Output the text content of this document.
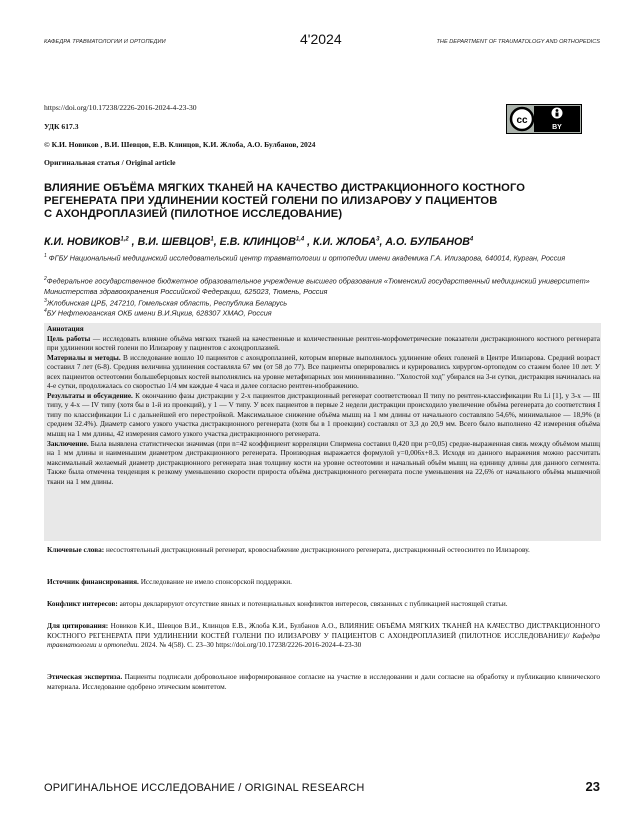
КАФЕДРА ТРАВМАТОЛОГИИ И ОРТОПЕДИИ	4'2024	THE DEPARTMENT OF TRAUMATOLOGY AND ORTHOPEDICS
https://doi.org/10.17238/2226-2016-2024-4-23-30
УДК 617.3
© К.И. Новиков , В.И. Шевцов, Е.В. Клинцов, К.И. Жлоба, А.О. Булбанов, 2024
Оригинальная статья / Original article
cc
BY
ВЛИЯНИЕ ОБЪЁМА МЯГКИХ ТКАНЕЙ НА КАЧЕСТВО ДИСТРАКЦИОННОГО КОСТНОГО
РЕГЕНЕРАТА ПРИ УДЛИНЕНИИ КОСТЕЙ ГОЛЕНИ ПО ИЛИЗАРОВУ У ПАЦИЕНТОВ
С АХОНДРОПЛАЗИЕЙ (ПИЛОТНОЕ ИССЛЕДОВАНИЕ)
К.И. НОВИКОВ$^{1,2}$ , В.И. ШЕВЦОВ$^1$, Е.В. КЛИНЦОВ$^{1,4}$ , К.И. ЖЛОБА$^3$, А.О. БУЛБАНОВ$^4$
$^1$ ФГБУ Национальный медицинский исследовательский центр травматологии и ортопедии имени академика Г.А. Илизарова, 640014, Курган, Россия
$^2$Федеральное государственное бюджетное образовательное учреждение высшего образования «Тюменский государственный медицинский университет» Министерства здравоохранения Российской Федерации, 625023, Тюмень, Россия
$^3$Жлобинская ЦРБ, 247210, Гомельская область, Республика Беларусь
$^4$БУ Нефтеюганская ОКБ имени В.И.Яцкив, 628307 ХМАО, Россия

Аннотация

Цель работы — исследовать влияние объёма мягких тканей на качественные и количественные рентген-морфометрические показатели дистракционного костного регенерата при удлинении костей голени по Илизарову у пациентов с ахондроплазией.

Материалы и методы. В исследование вошло 10 пациентов с ахондроплазией, которым впервые выполнялось удлинение обеих голеней в Центре Илизарова. Средний возраст составил 7 лет (6-8). Средняя величина удлинения составляла 67 мм (от 58 до 77). Все пациенты оперировались и курировались хирургом-ортопедом со стажем более 10 лет. У всех пациентов остеотомии большеберцовых костей выполнялись на уровне метафизарных зон миниинвазивно. "Холостой ход" убирался на 3-и сутки, дистракция начиналась на 4-е сутки, продолжалась со скоростью 1/4 мм каждые 4 часа и далее согласно рентген-изображению.

Результаты и обсуждение. К окончанию фазы дистракции у 2-х пациентов дистракционный регенерат соответствовал II типу по рентген-классификации Ru Li [1], у 3-х — III типу, у 4-х — IV типу (хотя бы в 1-й из проекций), у 1 — V типу. У всех пациентов в первые 2 недели дистракции происходило увеличение объёма регенерата до соответствия I типу по классификации Li с дальнейшей его перестройкой. Максимальное снижение объёма мышц на 1 мм длины от начального составляло 54,6%, минимальное — 18,9% (в среднем 32.4%). Диаметр самого узкого участка дистракционного регенерата (хотя бы в 1 проекции) составлял от 3,3 до 20,9 мм. Всего было выполнено 42 измерения объёма мышц на 1 мм длины, 42 измерения самого узкого участка дистракционного регенерата.

Заключение. Была выявлена статистически значимая (при n=42 коэффициент корреляции Спирмена составил 0,420 при p=0,05) средне-выраженная связь между объёмом мышц на 1 мм длины и наименьшим диаметром дистракционного регенерата. Производная выражается формулой y=0,006x+8.3. Исходя из данного выражения можно рассчитать максимальный желаемый диаметр дистракционного регенерата зная толщину кости на уровне остеотомии и начальный объём мышц на единицу длины для данного сегмента. Также была отмечена тенденция к резкому уменьшению скорости прироста объёма дистракционного регенерата после уменьшения на 22,6% от начального объёма мышечной ткани на 1 мм длины.

Ключевые слова: несостоятельный дистракционный регенерат, кровоснабжение дистракционного регенерата, дистракционный остеосинтез по Илизарову.

Источник финансирования. Исследование не имело спонсорской поддержки.

Конфликт интересов: авторы декларируют отсутствие явных и потенциальных конфликтов интересов, связанных с публикацией настоящей статьи.

Для цитирования: Новиков К.И., Шевцов В.И., Клинцов Е.В., Жлоба К.И., Булбанов А.О., ВЛИЯНИЕ ОБЪЁМА МЯГКИХ ТКАНЕЙ НА КАЧЕСТВО ДИСТРАКЦИОННОГО КОСТНОГО РЕГЕНЕРАТА ПРИ УДЛИНЕНИИ КОСТЕЙ ГОЛЕНИ ПО ИЛИЗАРОВУ У ПАЦИЕНТОВ С АХОНДРОПЛАЗИЕЙ (ПИЛОТНОЕ ИССЛЕДОВАНИЕ)// Кафедра травматологии и ортопедии. 2024. № 4(58). С. 23–30 https://doi.org/10.17238/2226-2016-2024-4-23-30

Этическая экспертиза. Пациенты подписали добровольное информированное согласие на участие в исследовании и дали согласие на обработку и публикацию клинического материала. Исследование одобрено этическим комитетом.

ОРИГИНАЛЬНОЕ ИССЛЕДОВАНИЕ / ORIGINAL RESEARCH	23
